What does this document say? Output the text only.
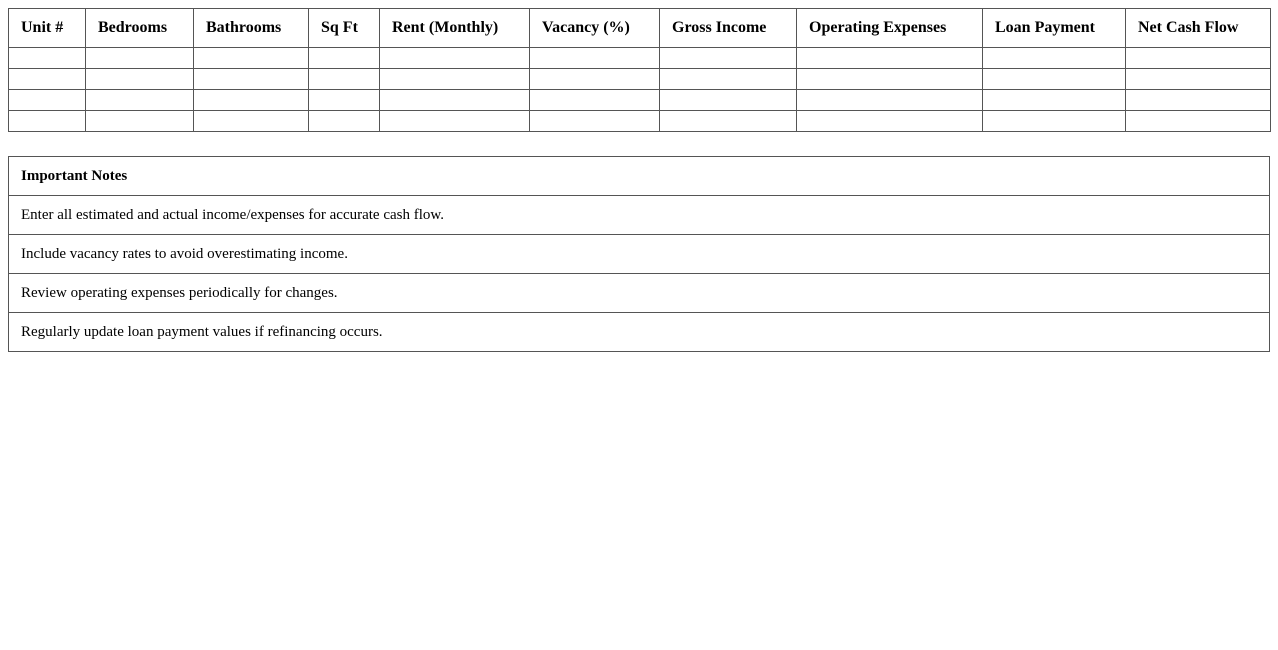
Unit #	Bedrooms	Bathrooms	Sq Ft	Rent (Monthly)	Vacancy (%)	Gross Income	Operating Expenses	Loan Payment	Net Cash Flow

Important Notes
Enter all estimated and actual income/expenses for accurate cash flow.
Include vacancy rates to avoid overestimating income.
Review operating expenses periodically for changes.
Regularly update loan payment values if refinancing occurs.
